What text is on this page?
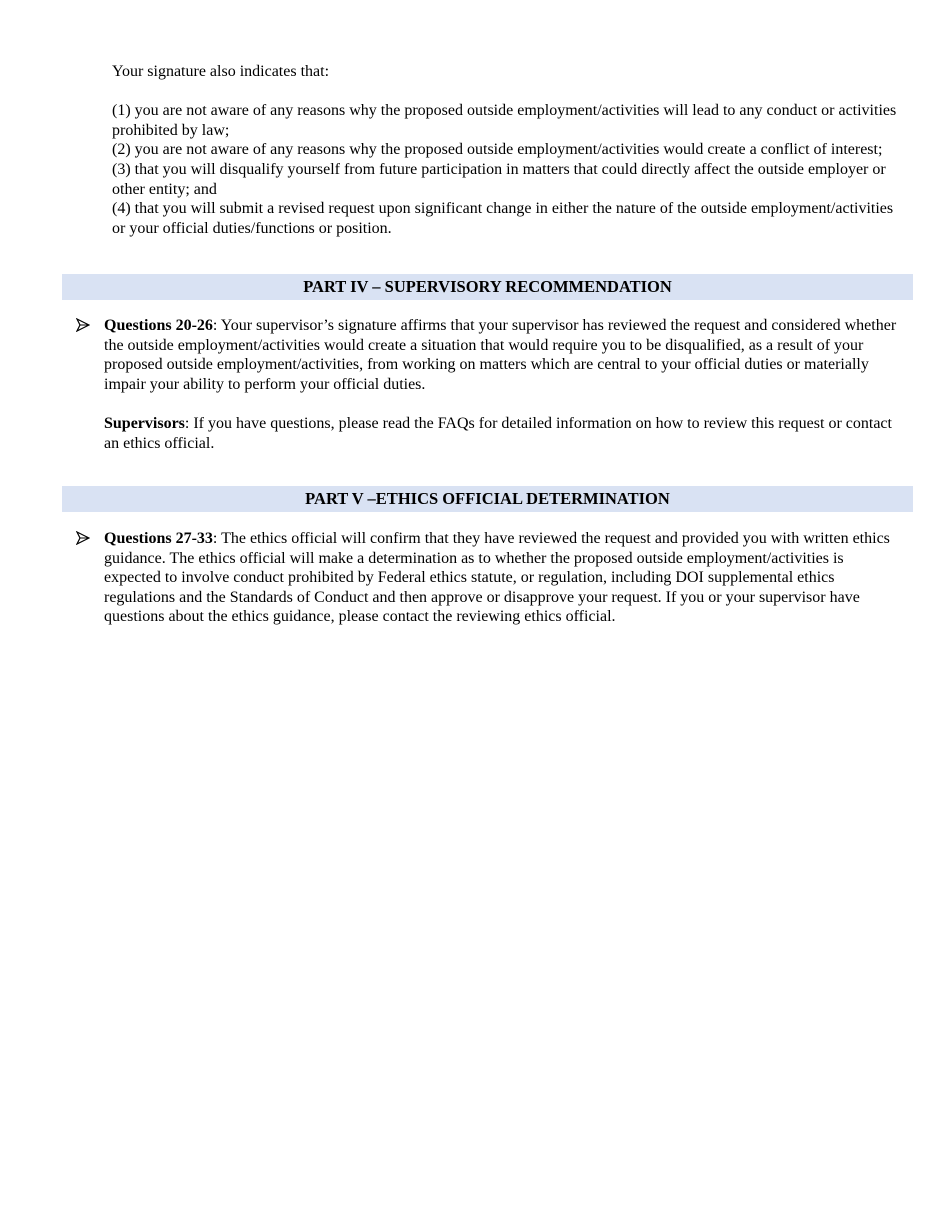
Your signature also indicates that:

(1) you are not aware of any reasons why the proposed outside employment/activities will lead to any conduct or activities prohibited by law;

(2) you are not aware of any reasons why the proposed outside employment/activities would create a conflict of interest;

(3) that you will disqualify yourself from future participation in matters that could directly affect the outside employer or other entity; and

(4) that you will submit a revised request upon significant change in either the nature of the outside employment/activities or your official duties/functions or position.

PART IV – SUPERVISORY RECOMMENDATION

Questions 20-26: Your supervisor’s signature affirms that your supervisor has reviewed the request and considered whether the outside employment/activities would create a situation that would require you to be disqualified, as a result of your proposed outside employment/activities, from working on matters which are central to your official duties or materially impair your ability to perform your official duties.

Supervisors: If you have questions, please read the FAQs for detailed information on how to review this request or contact an ethics official.

PART V –ETHICS OFFICIAL DETERMINATION

Questions 27-33: The ethics official will confirm that they have reviewed the request and provided you with written ethics guidance. The ethics official will make a determination as to whether the proposed outside employment/activities is expected to involve conduct prohibited by Federal ethics statute, or regulation, including DOI supplemental ethics regulations and the Standards of Conduct and then approve or disapprove your request. If you or your supervisor have questions about the ethics guidance, please contact the reviewing ethics official.
